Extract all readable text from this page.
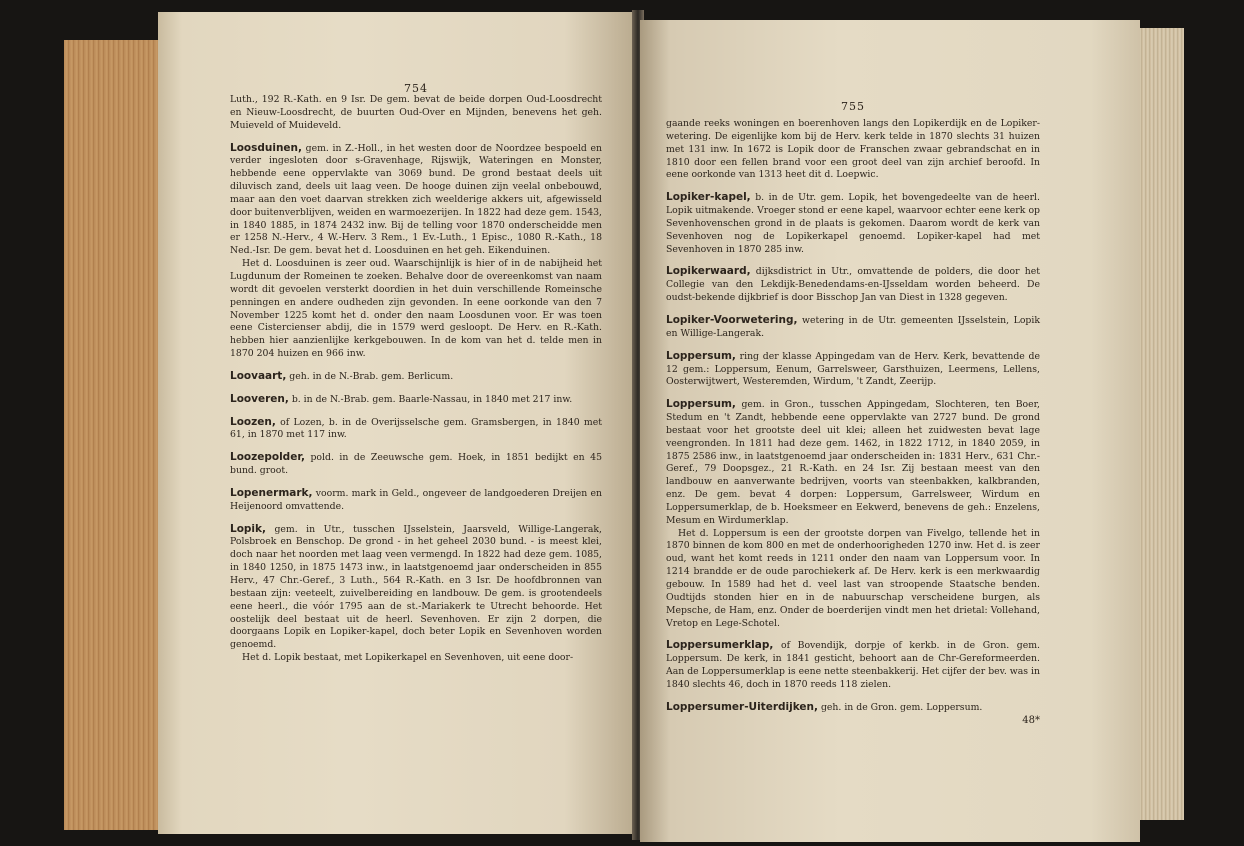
754

Luth., 192 R.-Kath. en 9 Isr. De gem. bevat de beide dorpen Oud-Loosdrecht en Nieuw-Loosdrecht, de buurten Oud-Over en Mijnden, benevens het geh. Muieveld of Muideveld.

Loosduinen, gem. in Z.-Holl., in het westen door de Noordzee bespoeld en verder ingesloten door s-Gravenhage, Rijswijk, Wateringen en Monster, hebbende eene oppervlakte van 3069 bund. De grond bestaat deels uit diluvisch zand, deels uit laag veen. De hooge duinen zijn veelal onbebouwd, maar aan den voet daarvan strekken zich weelderige akkers uit, afgewisseld door buitenverblijven, weiden en warmoezerijen. In 1822 had deze gem. 1543, in 1840 1885, in 1874 2432 inw. Bij de telling voor 1870 onderscheidde men er 1258 N.-Herv., 4 W.-Herv. 3 Rem., 1 Ev.-Luth., 1 Episc., 1080 R.-Kath., 18 Ned.-Isr. De gem. bevat het d. Loosduinen en het geh. Eikenduinen.

Het d. Loosduinen is zeer oud. Waarschijnlijk is hier of in de nabijheid het Lugdunum der Romeinen te zoeken. Behalve door de overeenkomst van naam wordt dit gevoelen versterkt doordien in het duin verschillende Romeinsche penningen en andere oudheden zijn gevonden. In eene oorkonde van den 7 November 1225 komt het d. onder den naam Loosdunen voor. Er was toen eene Cistercienser abdij, die in 1579 werd gesloopt. De Herv. en R.-Kath. hebben hier aanzienlijke kerkgebouwen. In de kom van het d. telde men in 1870 204 huizen en 966 inw.

Loovaart, geh. in de N.-Brab. gem. Berlicum.

Looveren, b. in de N.-Brab. gem. Baarle-Nassau, in 1840 met 217 inw.

Loozen, of Lozen, b. in de Overijsselsche gem. Gramsbergen, in 1840 met 61, in 1870 met 117 inw.

Loozepolder, pold. in de Zeeuwsche gem. Hoek, in 1851 bedijkt en 45 bund. groot.

Lopenermark, voorm. mark in Geld., ongeveer de landgoederen Dreijen en Heijenoord omvattende.

Lopik, gem. in Utr., tusschen IJsselstein, Jaarsveld, Willige-Langerak, Polsbroek en Benschop. De grond - in het geheel 2030 bund. - is meest klei, doch naar het noorden met laag veen vermengd. In 1822 had deze gem. 1085, in 1840 1250, in 1875 1473 inw., in laatstgenoemd jaar onderscheiden in 855 Herv., 47 Chr.-Geref., 3 Luth., 564 R.-Kath. en 3 Isr. De hoofdbronnen van bestaan zijn: veeteelt, zuivelbereiding en landbouw. De gem. is grootendeels eene heerl., die vóór 1795 aan de st.-Mariakerk te Utrecht behoorde. Het oostelijk deel bestaat uit de heerl. Sevenhoven. Er zijn 2 dorpen, die doorgaans Lopik en Lopiker-kapel, doch beter Lopik en Sevenhoven worden genoemd.

Het d. Lopik bestaat, met Lopikerkapel en Sevenhoven, uit eene door-

755

gaande reeks woningen en boerenhoven langs den Lopikerdijk en de Lopiker-wetering. De eigenlijke kom bij de Herv. kerk telde in 1870 slechts 31 huizen met 131 inw. In 1672 is Lopik door de Franschen zwaar gebrandschat en in 1810 door een fellen brand voor een groot deel van zijn archief beroofd. In eene oorkonde van 1313 heet dit d. Loepwic.

Lopiker-kapel, b. in de Utr. gem. Lopik, het bovengedeelte van de heerl. Lopik uitmakende. Vroeger stond er eene kapel, waarvoor echter eene kerk op Sevenhovenschen grond in de plaats is gekomen. Daarom wordt de kerk van Sevenhoven nog de Lopikerkapel genoemd. Lopiker-kapel had met Sevenhoven in 1870 285 inw.

Lopikerwaard, dijksdistrict in Utr., omvattende de polders, die door het Collegie van den Lekdijk-Benedendams-en-IJsseldam worden beheerd. De oudst-bekende dijkbrief is door Bisschop Jan van Diest in 1328 gegeven.

Lopiker-Voorwetering, wetering in de Utr. gemeenten IJsselstein, Lopik en Willige-Langerak.

Loppersum, ring der klasse Appingedam van de Herv. Kerk, bevattende de 12 gem.: Loppersum, Eenum, Garrelsweer, Garsthuizen, Leermens, Lellens, Oosterwijtwert, Westeremden, Wirdum, 't Zandt, Zeerijp.

Loppersum, gem. in Gron., tusschen Appingedam, Slochteren, ten Boer, Stedum en 't Zandt, hebbende eene oppervlakte van 2727 bund. De grond bestaat voor het grootste deel uit klei; alleen het zuidwesten bevat lage veengronden. In 1811 had deze gem. 1462, in 1822 1712, in 1840 2059, in 1875 2586 inw., in laatstgenoemd jaar onderscheiden in: 1831 Herv., 631 Chr.-Geref., 79 Doopsgez., 21 R.-Kath. en 24 Isr. Zij bestaan meest van den landbouw en aanverwante bedrijven, voorts van steenbakken, kalkbranden, enz. De gem. bevat 4 dorpen: Loppersum, Garrelsweer, Wirdum en Loppersumerklap, de b. Hoeksmeer en Eekwerd, benevens de geh.: Enzelens, Mesum en Wirdumerklap.

Het d. Loppersum is een der grootste dorpen van Fivelgo, tellende het in 1870 binnen de kom 800 en met de onderhoorigheden 1270 inw. Het d. is zeer oud, want het komt reeds in 1211 onder den naam van Loppersum voor. In 1214 brandde er de oude parochiekerk af. De Herv. kerk is een merkwaardig gebouw. In 1589 had het d. veel last van stroopende Staatsche benden. Oudtijds stonden hier en in de nabuurschap verscheidene burgen, als Mepsche, de Ham, enz. Onder de boerderijen vindt men het drietal: Vollehand, Vretop en Lege-Schotel.

Loppersumerklap, of Bovendijk, dorpje of kerkb. in de Gron. gem. Loppersum. De kerk, in 1841 gesticht, behoort aan de Chr-Gereformeerden. Aan de Loppersumerklap is eene nette steenbakkerij. Het cijfer der bev. was in 1840 slechts 46, doch in 1870 reeds 118 zielen.

Loppersumer-Uiterdijken, geh. in de Gron. gem. Loppersum.

48*
